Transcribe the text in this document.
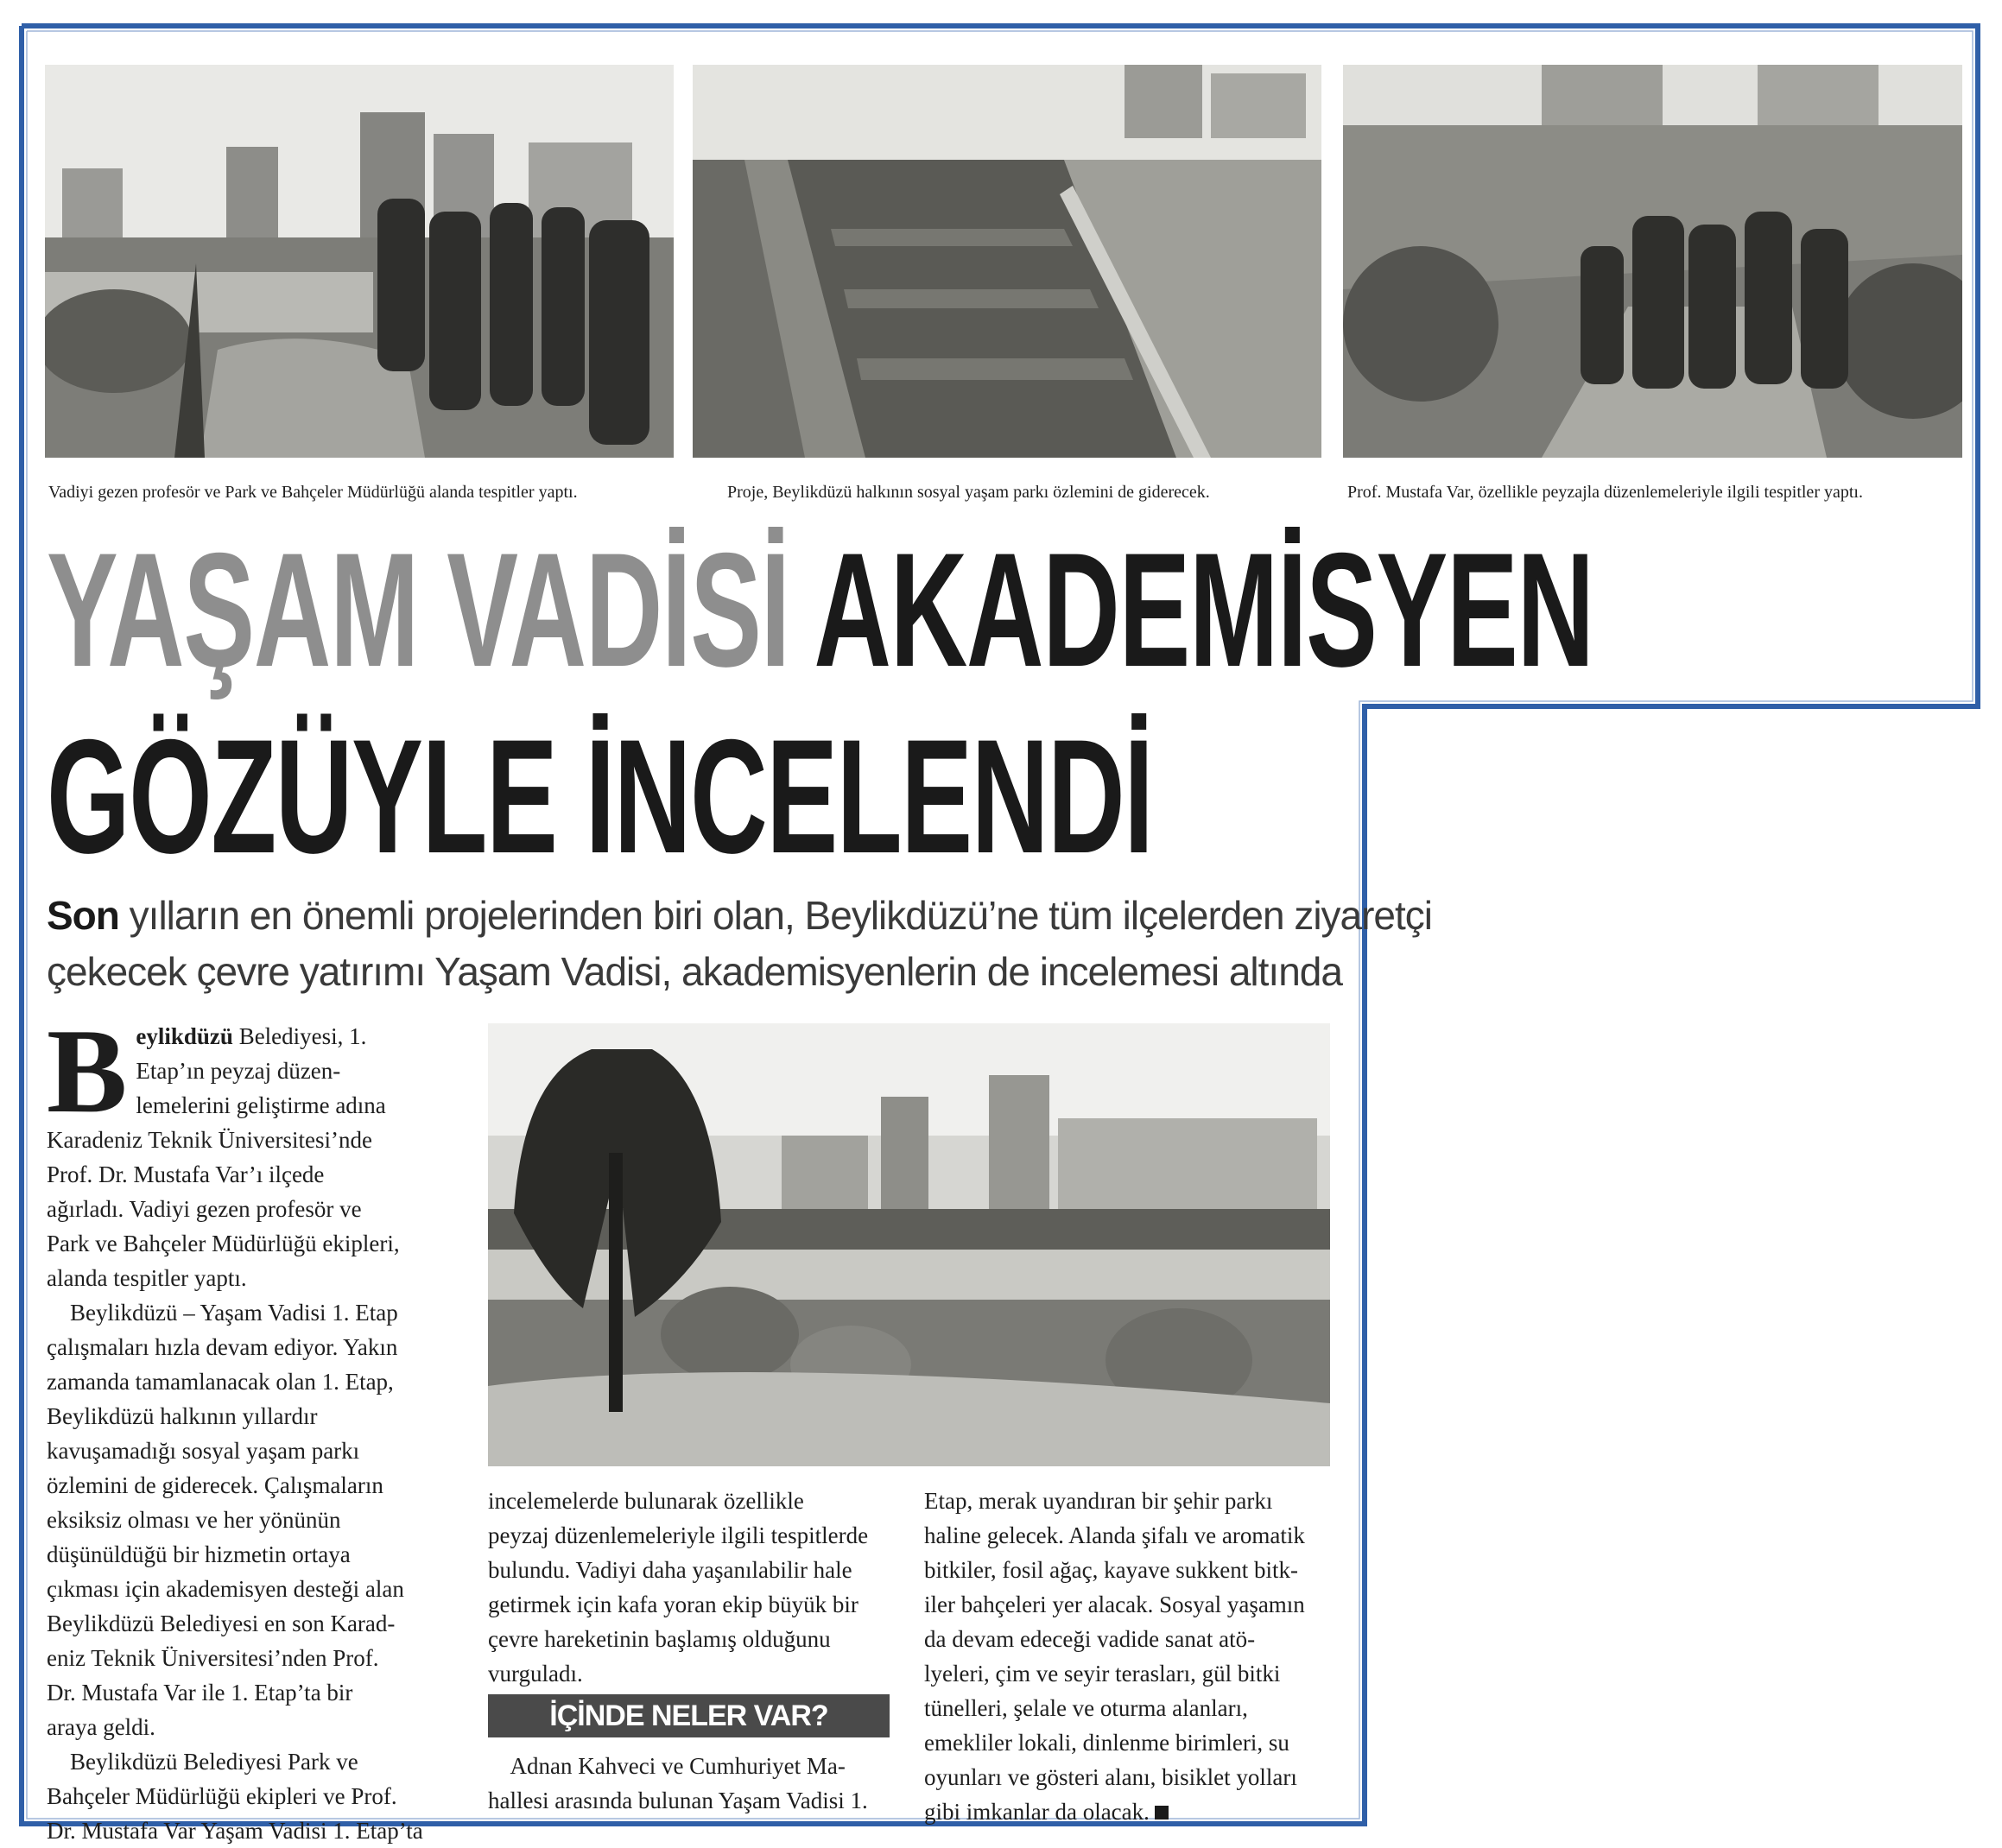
Vadiyi gezen profesör ve Park ve Bahçeler Müdürlüğü alanda tespitler yaptı.	Proje, Beylikdüzü halkının sosyal yaşam parkı özlemini de giderecek.	Prof. Mustafa Var, özellikle peyzajla düzenlemeleriyle ilgili tespitler yaptı.
YAŞAM VADİSİ AKADEMİSYEN
GÖZÜYLE İNCELENDİ
Son yılların en önemli projelerinden biri olan, Beylikdüzü’ne tüm ilçelerden ziyaretçi
çekecek çevre yatırımı Yaşam Vadisi, akademisyenlerin de incelemesi altında
B eylikdüzü Belediyesi, 1.

Etap’ın peyzaj düzen-

lemelerini geliştirme adına

Karadeniz Teknik Üniversitesi’nde

Prof. Dr. Mustafa Var’ı ilçede

ağırladı. Vadiyi gezen profesör ve

Park ve Bahçeler Müdürlüğü ekipleri,

alanda tespitler yaptı.

Beylikdüzü – Yaşam Vadisi 1. Etap

çalışmaları hızla devam ediyor. Yakın

zamanda tamamlanacak olan 1. Etap,

Beylikdüzü halkının yıllardır

kavuşamadığı sosyal yaşam parkı

özlemini de giderecek. Çalışmaların

eksiksiz olması ve her yönünün

düşünüldüğü bir hizmetin ortaya

çıkması için akademisyen desteği alan

Beylikdüzü Belediyesi en son Karad-

eniz Teknik Üniversitesi’nden Prof.

Dr. Mustafa Var ile 1. Etap’ta bir

araya geldi.

Beylikdüzü Belediyesi Park ve

Bahçeler Müdürlüğü ekipleri ve Prof.

Dr. Mustafa Var Yaşam Vadisi 1. Etap’ta

incelemelerde bulunarak özellikle

peyzaj düzenlemeleriyle ilgili tespitlerde

bulundu. Vadiyi daha yaşanılabilir hale

getirmek için kafa yoran ekip büyük bir

çevre hareketinin başlamış olduğunu

vurguladı.

İÇİNDE NELER VAR?

Adnan Kahveci ve Cumhuriyet Ma-

hallesi arasında bulunan Yaşam Vadisi 1.

Etap, merak uyandıran bir şehir parkı

haline gelecek. Alanda şifalı ve aromatik

bitkiler, fosil ağaç, kayave sukkent bitk-

iler bahçeleri yer alacak. Sosyal yaşamın

da devam edeceği vadide sanat atö-

lyeleri, çim ve seyir terasları, gül bitki

tünelleri, şelale ve oturma alanları,

emekliler lokali, dinlenme birimleri, su

oyunları ve gösteri alanı, bisiklet yolları

gibi imkanlar da olacak.
